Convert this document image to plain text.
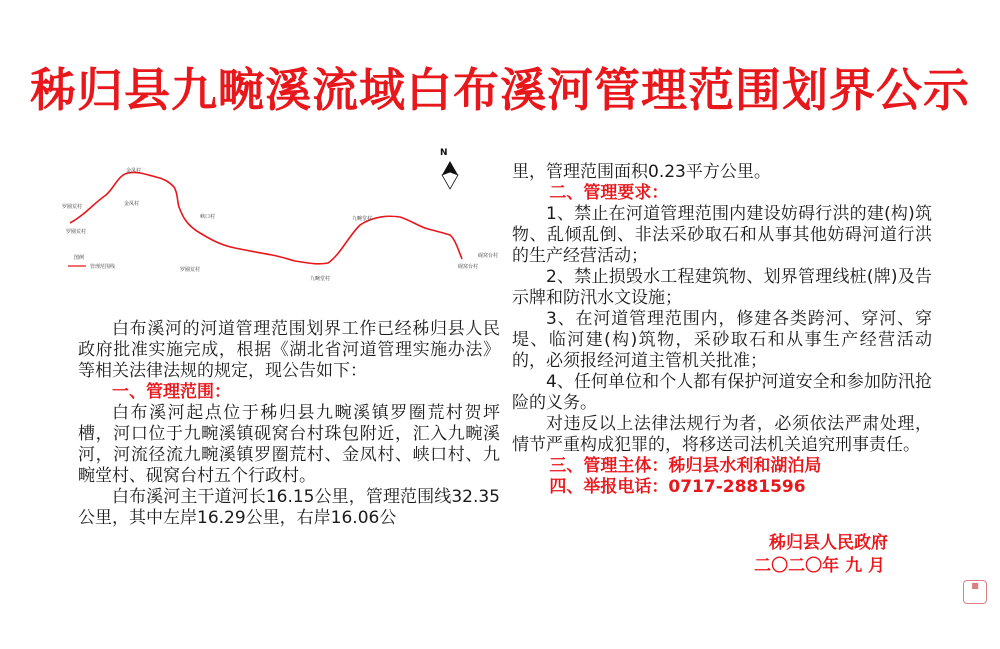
秭归县九畹溪流域白布溪河管理范围划界公示
N
金凤村
罗圈荒村	金凤村
罗圈荒村
峡口村	九畹堂村
罗圈荒村
九畹堂村
砚窝台村
砚窝台村
图例
管理范围线

白布溪河的河道管理范围划界工作已经秭归县人民政府批准实施完成，根据《湖北省河道管理实施办法》等相关法律法规的规定，现公告如下：

一、管理范围：

白布溪河起点位于秭归县九畹溪镇罗圈荒村贺坪槽，河口位于九畹溪镇砚窝台村珠包附近，汇入九畹溪河，河流径流九畹溪镇罗圈荒村、金凤村、峡口村、九畹堂村、砚窝台村五个行政村。

白布溪河主干道河长16.15公里，管理范围线32.35公里，其中左岸16.29公里，右岸16.06公

里，管理范围面积0.23平方公里。

二、管理要求：

1、禁止在河道管理范围内建设妨碍行洪的建(构)筑物、乱倾乱倒、非法采砂取石和从事其他妨碍河道行洪的生产经营活动；

2、禁止损毁水工程建筑物、划界管理线桩(牌)及告示牌和防汛水文设施；

3、在河道管理范围内，修建各类跨河、穿河、穿堤、临河建(构)筑物，采砂取石和从事生产经营活动的，必须报经河道主管机关批准；

4、任何单位和个人都有保护河道安全和参加防汛抢险的义务。

对违反以上法律法规行为者，必须依法严肃处理，情节严重构成犯罪的，将移送司法机关追究刑事责任。

三、管理主体：秭归县水利和湖泊局

四、举报电话：0717-2881596

秭归县人民政府
二〇二〇年 九 月
■
